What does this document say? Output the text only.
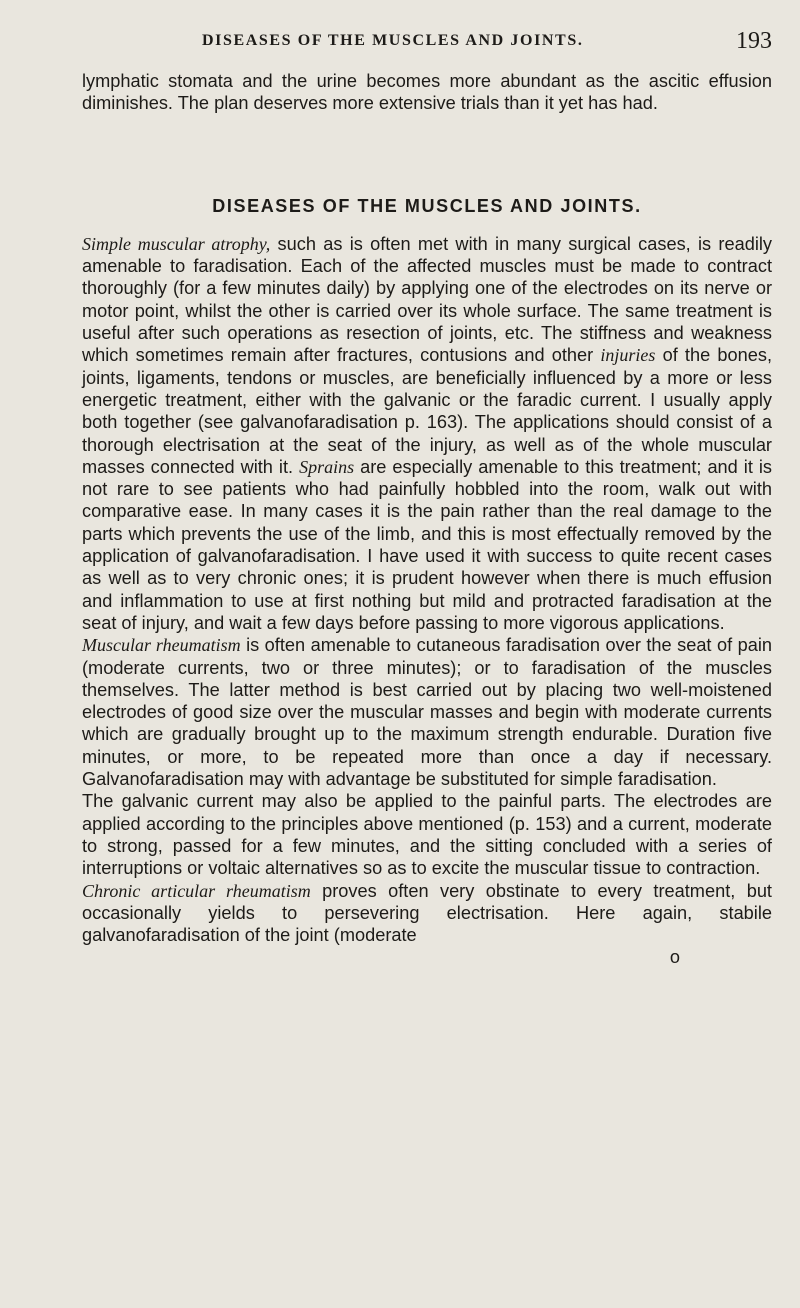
DISEASES OF THE MUSCLES AND JOINTS.	193

lymphatic stomata and the urine becomes more abundant as the ascitic effusion diminishes. The plan deserves more extensive trials than it yet has had.

DISEASES OF THE MUSCLES AND JOINTS.

Simple muscular atrophy, such as is often met with in many surgical cases, is readily amenable to faradisation. Each of the affected muscles must be made to contract thoroughly (for a few minutes daily) by applying one of the electrodes on its nerve or motor point, whilst the other is carried over its whole surface. The same treatment is useful after such operations as resection of joints, etc. The stiffness and weakness which sometimes remain after fractures, contusions and other injuries of the bones, joints, ligaments, tendons or muscles, are beneficially influenced by a more or less energetic treatment, either with the galvanic or the faradic current. I usually apply both together (see galvanofaradisation p. 163). The applications should consist of a thorough electrisation at the seat of the injury, as well as of the whole muscular masses connected with it. Sprains are especially amenable to this treatment; and it is not rare to see patients who had painfully hobbled into the room, walk out with comparative ease. In many cases it is the pain rather than the real damage to the parts which prevents the use of the limb, and this is most effectually removed by the application of galvanofaradisation. I have used it with success to quite recent cases as well as to very chronic ones; it is prudent however when there is much effusion and inflammation to use at first nothing but mild and protracted faradisation at the seat of injury, and wait a few days before passing to more vigorous applications.

Muscular rheumatism is often amenable to cutaneous faradisation over the seat of pain (moderate currents, two or three minutes); or to faradisation of the muscles themselves. The latter method is best carried out by placing two well-moistened electrodes of good size over the muscular masses and begin with moderate currents which are gradually brought up to the maximum strength endurable. Duration five minutes, or more, to be repeated more than once a day if necessary. Galvanofaradisation may with advantage be substituted for simple faradisation.

The galvanic current may also be applied to the painful parts. The electrodes are applied according to the principles above mentioned (p. 153) and a current, moderate to strong, passed for a few minutes, and the sitting concluded with a series of interruptions or voltaic alternatives so as to excite the muscular tissue to contraction.

Chronic articular rheumatism proves often very obstinate to every treatment, but occasionally yields to persevering electrisation. Here again, stabile galvanofaradisation of the joint (moderate

o
